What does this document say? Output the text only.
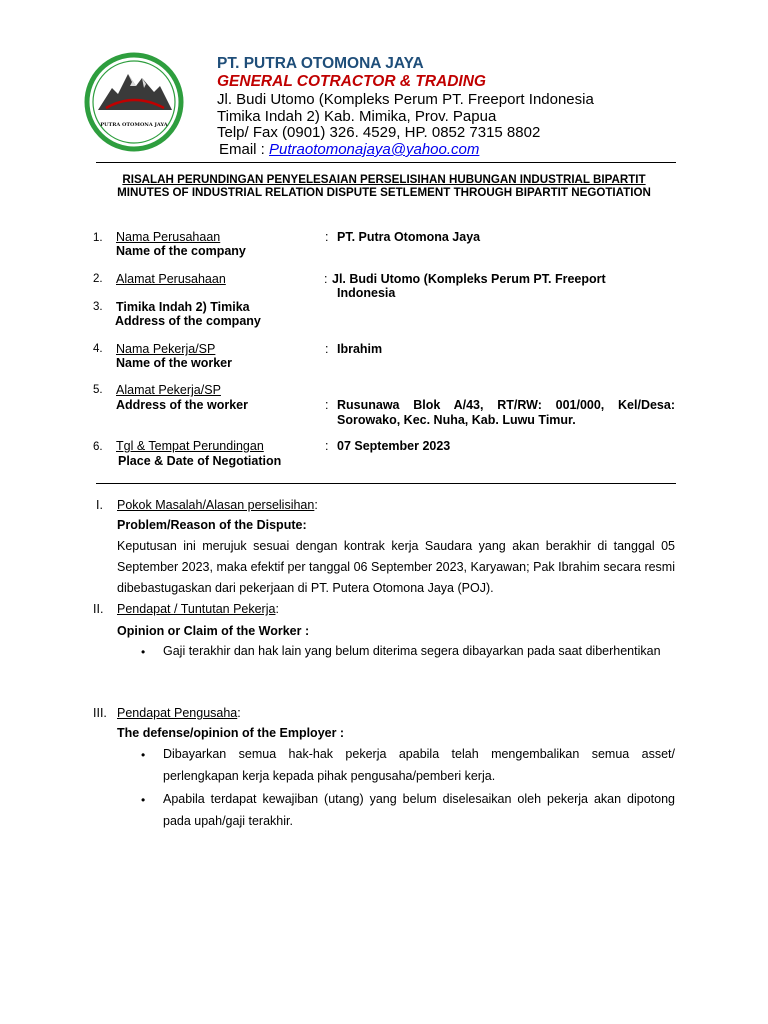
PUTRA OTOMONA JAYA
PT. PUTRA OTOMONA JAYA
GENERAL COTRACTOR & TRADING
Jl. Budi Utomo (Kompleks Perum PT. Freeport Indonesia
Timika Indah 2) Kab. Mimika, Prov. Papua
Telp/ Fax (0901) 326. 4529, HP. 0852 7315 8802
Email : Putraotomonajaya@yahoo.com
RISALAH PERUNDINGAN PENYELESAIAN PERSELISIHAN HUBUNGAN INDUSTRIAL BIPARTIT
MINUTES OF INDUSTRIAL RELATION DISPUTE SETLEMENT THROUGH BIPARTIT NEGOTIATION
1. Nama Perusahaan
Name of the company
: PT. Putra Otomona Jaya
2. Alamat Perusahaan	: Jl. Budi Utomo (Kompleks Perum PT. Freeport
Indonesia
3. Timika Indah 2) Timika
Address of the company
4. Nama Pekerja/SP
Name of the worker
: Ibrahim
5. Alamat Pekerja/SP
Address of the worker	: Rusunawa Blok A/43, RT/RW: 001/000, Kel/Desa:
Sorowako, Kec. Nuha, Kab. Luwu Timur.
6. Tgl & Tempat Perundingan
Place & Date of Negotiation
: 07 September 2023
I. Pokok Masalah/Alasan perselisihan:
Problem/Reason of the Dispute:
Keputusan ini merujuk sesuai dengan kontrak kerja Saudara yang akan berakhir di tanggal 05 September 2023, maka efektif per tanggal 06 September 2023, Karyawan; Pak Ibrahim secara resmi dibebastugaskan dari pekerjaan di PT. Putera Otomona Jaya (POJ).
II. Pendapat / Tuntutan Pekerja:
Opinion or Claim of the Worker :
• Gaji terakhir dan hak lain yang belum diterima segera dibayarkan pada saat diberhentikan
III. Pendapat Pengusaha:
The defense/opinion of the Employer :
• Dibayarkan semua hak-hak pekerja apabila telah mengembalikan semua asset/ perlengkapan kerja kepada pihak pengusaha/pemberi kerja.
• Apabila terdapat kewajiban (utang) yang belum diselesaikan oleh pekerja akan dipotong pada upah/gaji terakhir.
